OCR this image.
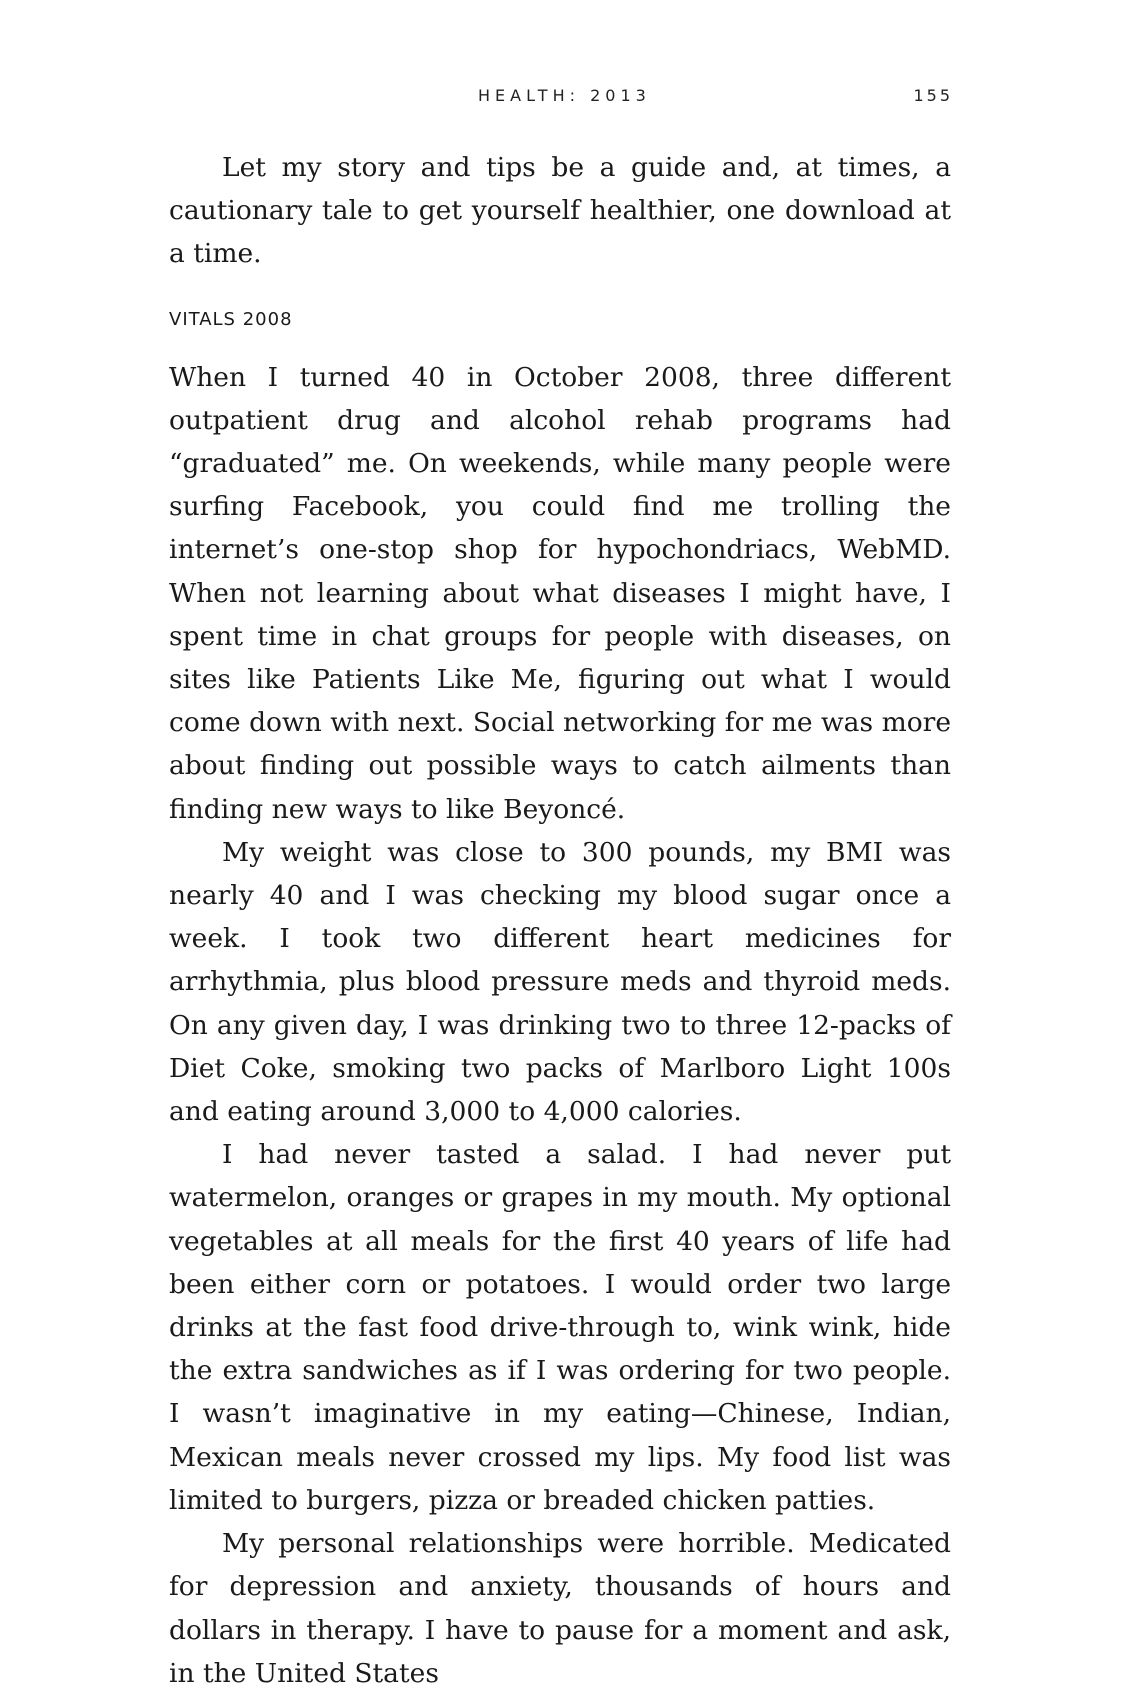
HEALTH: 2013	155

Let my story and tips be a guide and, at times, a cautionary tale to get yourself healthier, one download at a time.

VITALS 2008

When I turned 40 in October 2008, three different outpatient drug and alcohol rehab programs had “graduated” me. On weekends, while many people were surfing Facebook, you could find me trolling the internet’s one-stop shop for hypochondriacs, WebMD. When not learning about what diseases I might have, I spent time in chat groups for people with diseases, on sites like Patients Like Me, figuring out what I would come down with next. Social networking for me was more about finding out possible ways to catch ailments than finding new ways to like Beyoncé.

My weight was close to 300 pounds, my BMI was nearly 40 and I was checking my blood sugar once a week. I took two different heart medicines for arrhythmia, plus blood pressure meds and thyroid meds. On any given day, I was drinking two to three 12-packs of Diet Coke, smoking two packs of Marlboro Light 100s and eating around 3,000 to 4,000 calories.

I had never tasted a salad. I had never put watermelon, oranges or grapes in my mouth. My optional vegetables at all meals for the first 40 years of life had been either corn or potatoes. I would order two large drinks at the fast food drive-through to, wink wink, hide the extra sandwiches as if I was ordering for two people. I wasn’t imaginative in my eating—Chinese, Indian, Mexican meals never crossed my lips. My food list was limited to burgers, pizza or breaded chicken patties.

My personal relationships were horrible. Medicated for depression and anxiety, thousands of hours and dollars in therapy. I have to pause for a moment and ask, in the United States
